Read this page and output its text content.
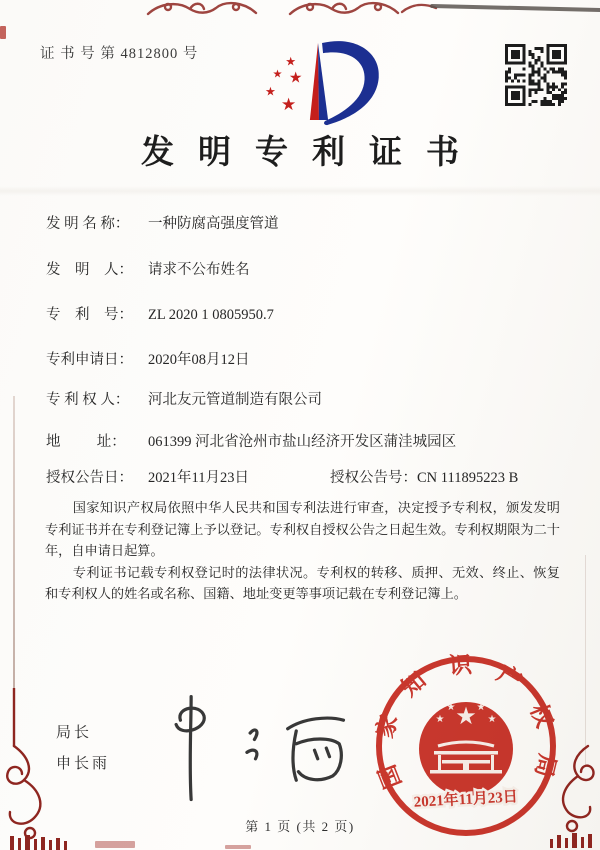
证 书 号 第 4812800 号	★
★ ★
★
★
发明专利证书
发 明 名 称： 一种防腐高强度管道
发    明    人： 请求不公布姓名
专    利    号： ZL 2020 1 0805950.7
专利申请日： 2020年08月12日
专 利 权 人： 河北友元管道制造有限公司
地          址： 061399 河北省沧州市盐山经济开发区蒲洼城园区
授权公告日： 2021年11月23日	授权公告号：CN 111895223 B

国家知识产权局依照中华人民共和国专利法进行审查，决定授予专利权，颁发发明专利证书并在专利登记簿上予以登记。专利权自授权公告之日起生效。专利权期限为二十年，自申请日起算。

专利证书记载专利权登记时的法律状况。专利权的转移、质押、无效、终止、恢复和专利权人的姓名或名称、国籍、地址变更等事项记载在专利登记簿上。

局长
申长雨	国家知识产权局
★
★
★ ★
★
2021年11月23日
第 1 页 (共 2 页)
